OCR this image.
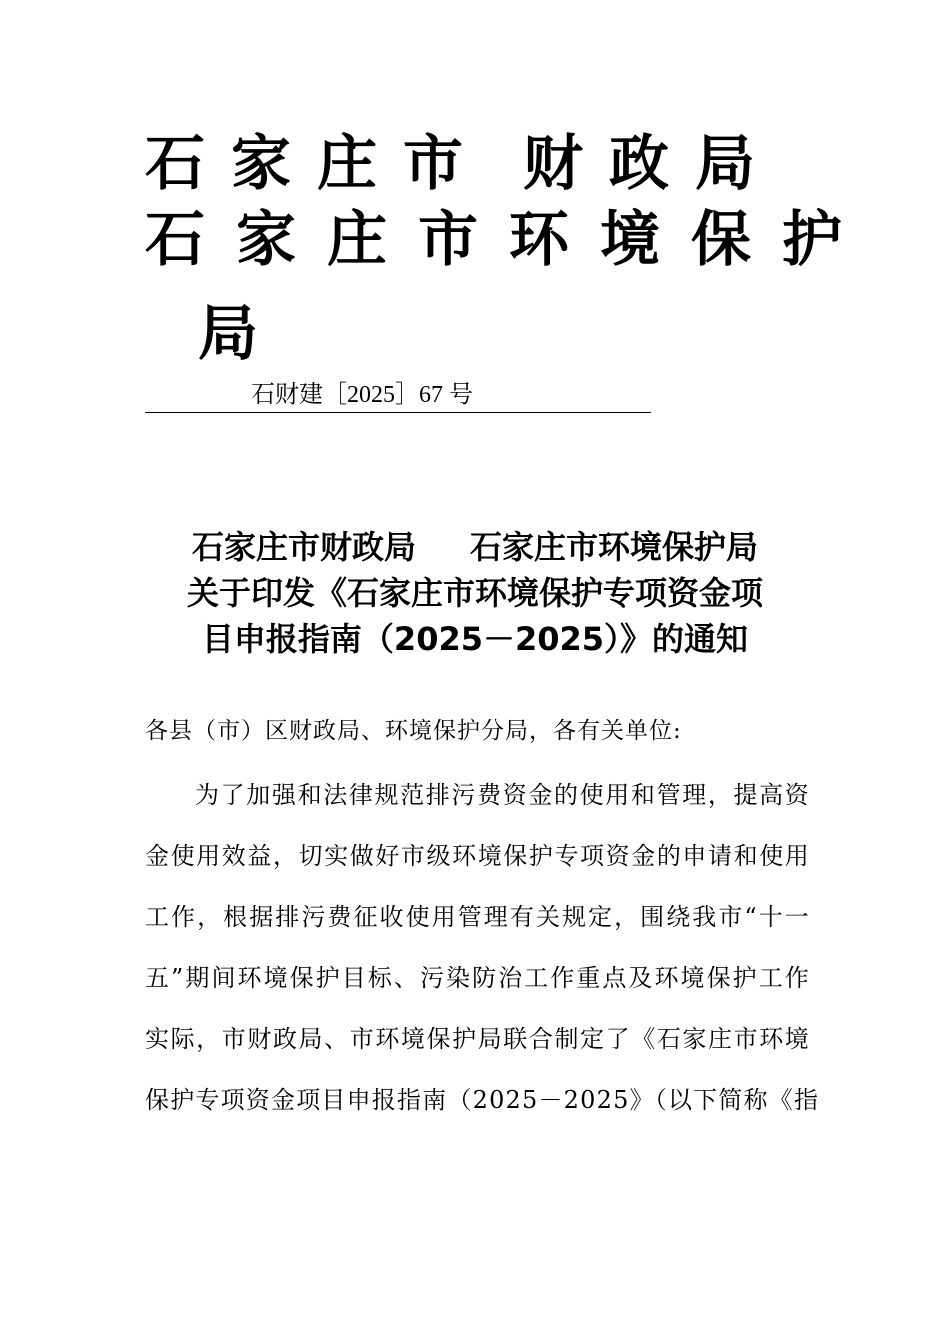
石家庄市 财政局
石家庄市环境保护
局
石财建［2025］67 号
石家庄市财政局 石家庄市环境保护局
关于印发《石家庄市环境保护专项资金项
目申报指南（2025－2025）》的通知
各县（市）区财政局、环境保护分局，各有关单位:
为了加强和法律规范排污费资金的使用和管理，提高资
金使用效益，切实做好市级环境保护专项资金的申请和使用
工作，根据排污费征收使用管理有关规定，围绕我市“十一
五”期间环境保护目标、污染防治工作重点及环境保护工作
实际，市财政局、市环境保护局联合制定了《石家庄市环境
保护专项资金项目申报指南（2025－2025》（以下简称《指
